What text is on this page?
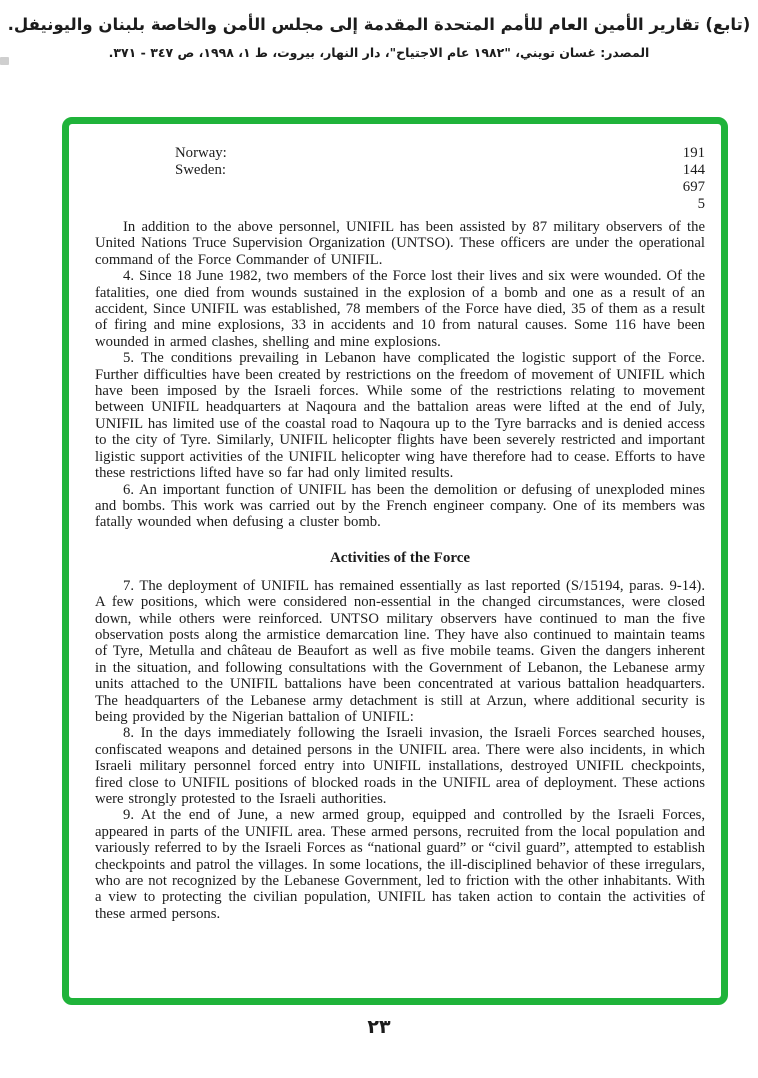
(تابع) تقارير الأمين العام للأمم المتحدة المقدمة إلى مجلس الأمن والخاصة بلبنان واليونيفل.
المصدر: غسان تويني، "١٩٨٢ عام الاجتياح"، دار النهار، بيروت، ط ١، ١٩٩٨، ص ٣٤٧ - ٣٧١.
Norway:	191
Sweden:	144
697
5

In addition to the above personnel, UNIFIL has been assisted by 87 military observers of the United Nations Truce Supervision Organization (UNTSO). These officers are under the operational command of the Force Commander of UNIFIL.

4. Since 18 June 1982, two members of the Force lost their lives and six were wounded. Of the fatalities, one died from wounds sustained in the explosion of a bomb and one as a result of an accident, Since UNIFIL was established, 78 members of the Force have died, 35 of them as a result of firing and mine explosions, 33 in accidents and 10 from natural causes. Some 116 have been wounded in armed clashes, shelling and mine explosions.

5. The conditions prevailing in Lebanon have complicated the logistic support of the Force. Further difficulties have been created by restrictions on the freedom of movement of UNIFIL which have been imposed by the Israeli forces. While some of the restrictions relating to movement between UNIFIL headquarters at Naqoura and the battalion areas were lifted at the end of July, UNIFIL has limited use of the coastal road to Naqoura up to the Tyre barracks and is denied access to the city of Tyre. Similarly, UNIFIL helicopter flights have been severely restricted and important ligistic support activities of the UNIFIL helicopter wing have therefore had to cease. Efforts to have these restrictions lifted have so far had only limited results.

6. An important function of UNIFIL has been the demolition or defusing of unexploded mines and bombs. This work was carried out by the French engineer company. One of its members was fatally wounded when defusing a cluster bomb.

Activities of the Force

7. The deployment of UNIFIL has remained essentially as last reported (S/15194, paras. 9-14). A few positions, which were considered non-essential in the changed circumstances, were closed down, while others were reinforced. UNTSO military observers have continued to man the five observation posts along the armistice demarcation line. They have also continued to maintain teams of Tyre, Metulla and château de Beaufort as well as five mobile teams. Given the dangers inherent in the situation, and following consultations with the Government of Lebanon, the Lebanese army units attached to the UNIFIL battalions have been concentrated at various battalion headquarters. The headquarters of the Lebanese army detachment is still at Arzun, where additional security is being provided by the Nigerian battalion of UNIFIL:

8. In the days immediately following the Israeli invasion, the Israeli Forces searched houses, confiscated weapons and detained persons in the UNIFIL area. There were also incidents, in which Israeli military personnel forced entry into UNIFIL installations, destroyed UNIFIL checkpoints, fired close to UNIFIL positions of blocked roads in the UNIFIL area of deployment. These actions were strongly protested to the Israeli authorities.

9. At the end of June, a new armed group, equipped and controlled by the Israeli Forces, appeared in parts of the UNIFIL area. These armed persons, recruited from the local population and variously referred to by the Israeli Forces as “national guard” or “civil guard”, attempted to establish checkpoints and patrol the villages. In some locations, the ill-disciplined behavior of these irregulars, who are not recognized by the Lebanese Government, led to friction with the other inhabitants. With a view to protecting the civilian population, UNIFIL has taken action to contain the activities of these armed persons.

٢٣
